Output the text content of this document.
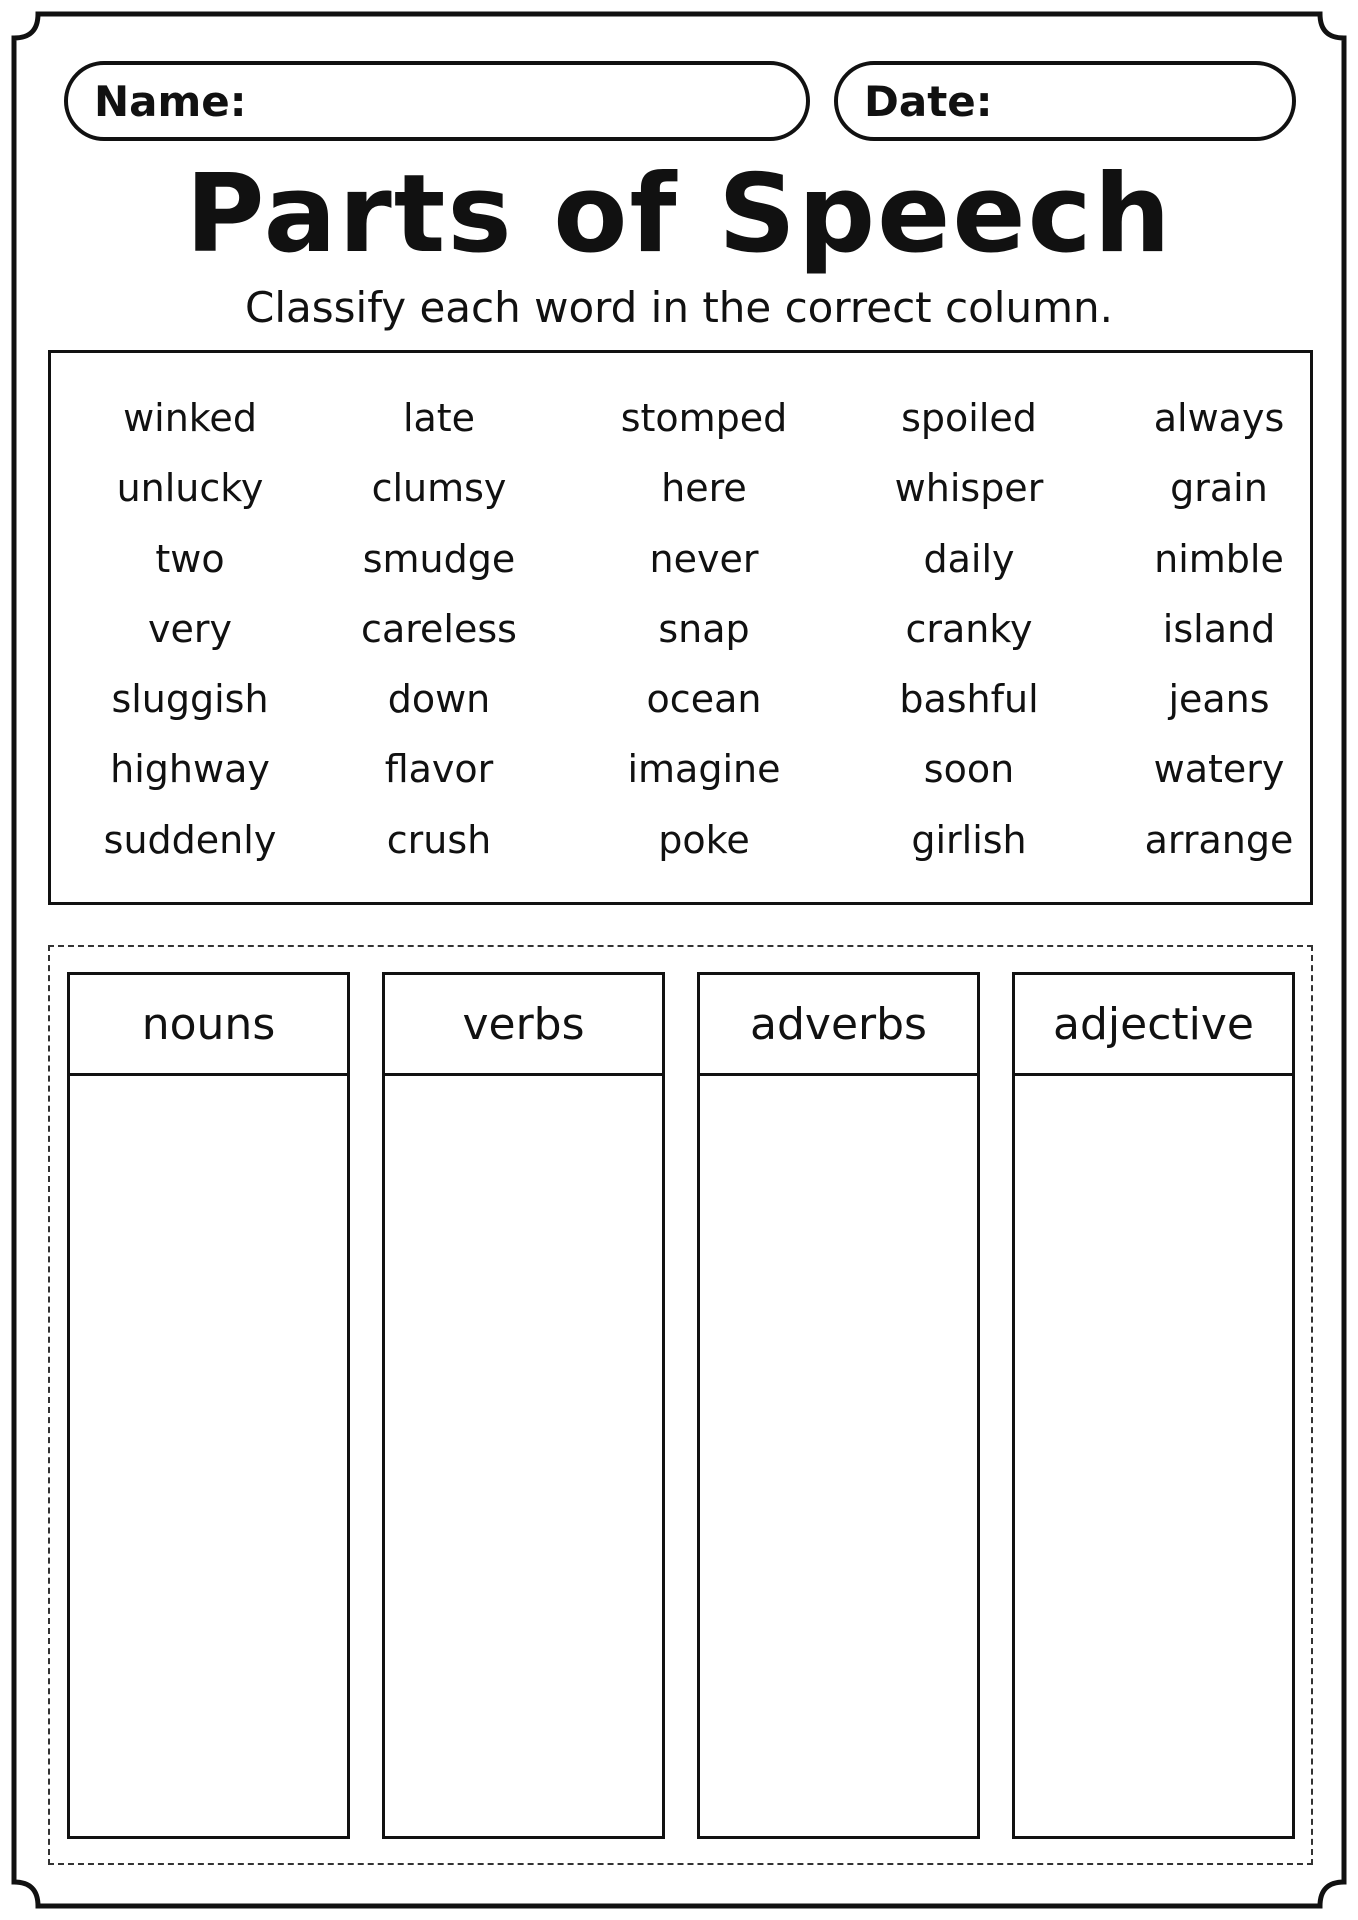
Name:	Date:
Parts of Speech
Classify each word in the correct column.
winked	late	stomped	spoiled	always
unlucky	clumsy	here	whisper	grain
two	smudge	never	daily	nimble
very	careless	snap	cranky	island
sluggish	down	ocean	bashful	jeans
highway	flavor	imagine	soon	watery
suddenly	crush	poke	girlish	arrange
nouns	verbs	adverbs	adjective
